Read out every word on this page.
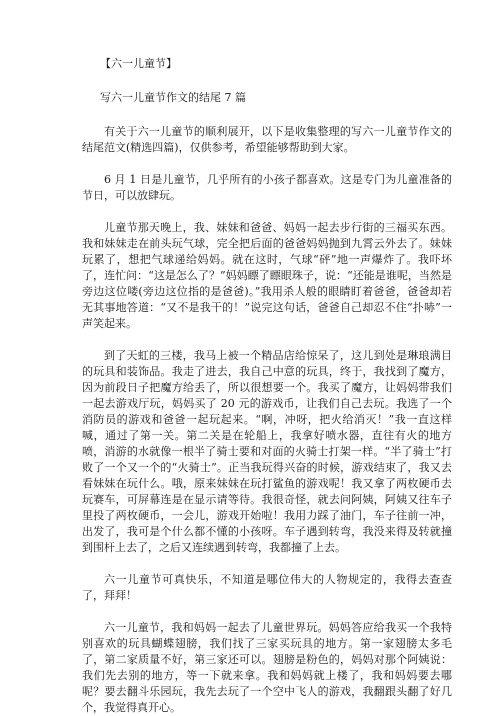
【六一儿童节】
写六一儿童节作文的结尾 7 篇

有关于六一儿童节的顺利展开，以下是收集整理的写六一儿童节作文的结尾范文(精选四篇)，仅供参考，希望能够帮助到大家。

6 月 1 日是儿童节，几乎所有的小孩子都喜欢。这是专门为儿童准备的节日，可以放肆玩。

儿童节那天晚上，我、妹妹和爸爸、妈妈一起去步行街的三福买东西。我和妹妹走在前头玩气球，完全把后面的爸爸妈妈抛到九霄云外去了。妹妹玩累了，想把气球递给妈妈。就在这时，气球“砰”地一声爆炸了。我吓坏了，连忙问：“这是怎么了？”妈妈瞟了瞟眼珠子，说：“还能是谁呢，当然是旁边这位喽(旁边这位指的是爸爸)。”我用杀人般的眼睛盯着爸爸，爸爸却若无其事地答道：“又不是我干的！”说完这句话，爸爸自己却忍不住“扑哧”一声笑起来。

到了天虹的三楼，我马上被一个精品店给惊呆了，这儿到处是琳琅满目的玩具和装饰品。我走了进去，我自己中意的玩具，终于，我找到了魔方，因为前段日子把魔方给丢了，所以很想要一个。我买了魔方，让妈妈带我们一起去游戏厅玩，妈妈买了 20 元的游戏币，让我们自己去玩。我选了一个消防员的游戏和爸爸一起玩起来。“啊，冲呀，把火给消灭！”我一直这样喊，通过了第一关。第二关是在轮船上，我拿好喷水器，直往有火的地方喷，消游的水就像一根半了骑士要和对面的火骑士打架一样。“半了骑士”打败了一个又一个的“火骑士”。正当我玩得兴奋的时候，游戏结束了，我又去看妹妹在玩什么。哦，原来妹妹在玩打鲨鱼的游戏呢！我又拿了两枚硬币去玩赛车，可屏幕连是在显示请等待。我很奇怪，就去问阿姨，阿姨又往车子里投了两枚硬币，一会儿，游戏开始啦！我用力踩了油门，车子往前一冲，出发了，我可是个什么都不懂的小孩呀。车子遇到转弯，我没来得及转就撞到围杆上去了，之后又连续遇到转弯，我都撞了上去。

六一儿童节可真快乐，不知道是哪位伟大的人物规定的，我得去查查了，拜拜！

六一儿童节，我和妈妈一起去了儿童世界玩。妈妈答应给我买一个我特别喜欢的玩具蝴蝶翅膀，我们找了三家买玩具的地方。第一家翅膀太多毛了，第二家质量不好，第三家还可以。翅膀是粉色的，妈妈对那个阿姨说：我们先去别的地方，等一下就来拿。我和妈妈就上楼了，我和妈妈要去哪呢？要去翻斗乐园玩，我先去玩了一个空中飞人的游戏，我翻跟头翻了好几个，我觉得真开心。
